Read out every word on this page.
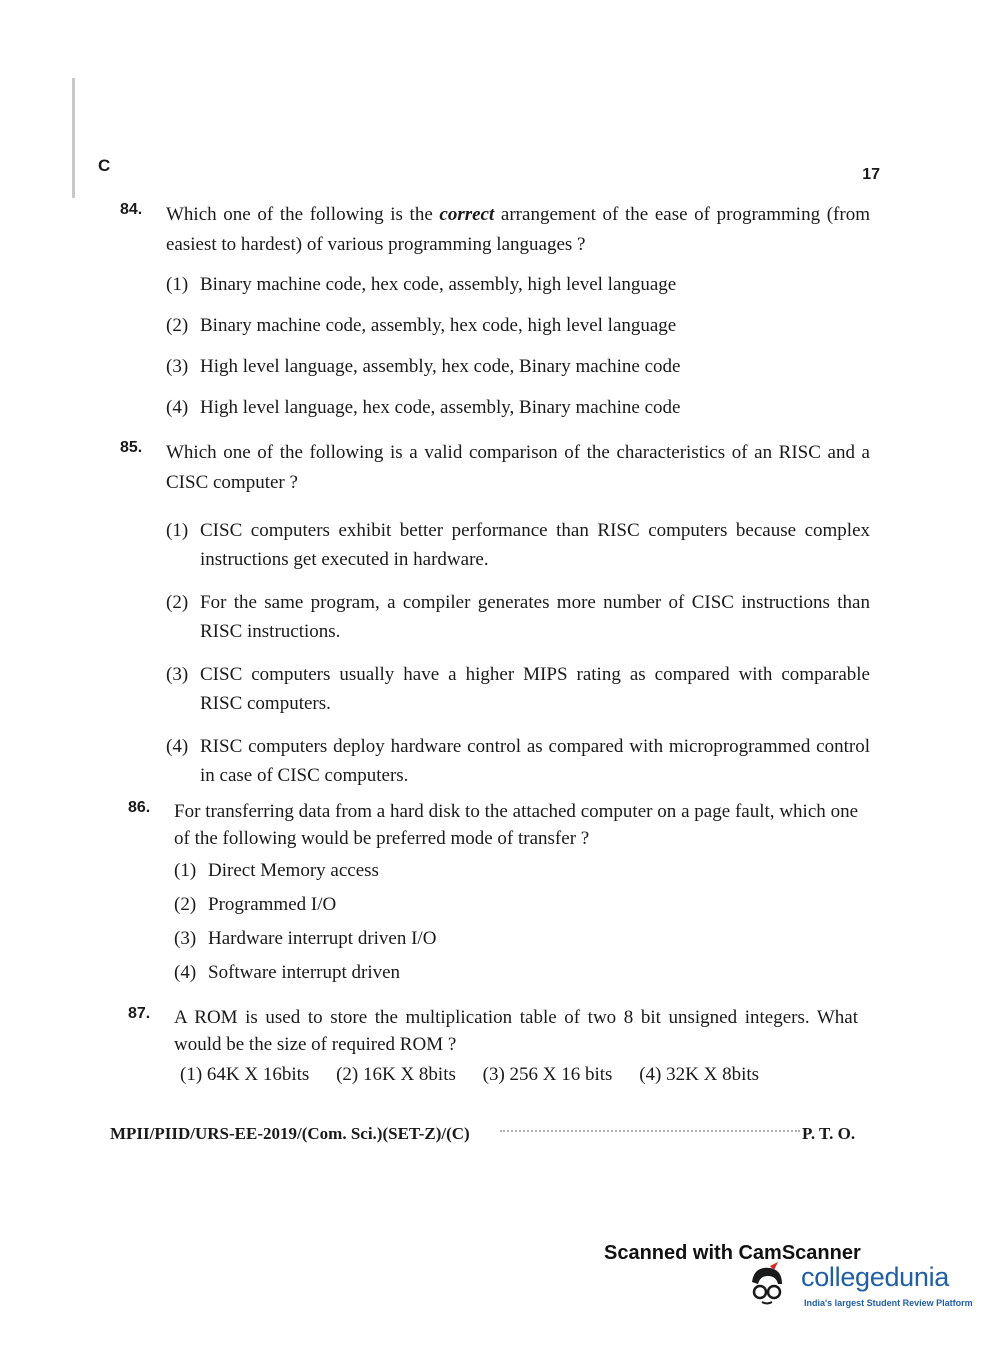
C	17
84. Which one of the following is the correct arrangement of the ease of programming (from easiest to hardest) of various programming languages ?
(1) Binary machine code, hex code, assembly, high level language
(2) Binary machine code, assembly, hex code, high level language
(3) High level language, assembly, hex code, Binary machine code
(4) High level language, hex code, assembly, Binary machine code
85. Which one of the following is a valid comparison of the characteristics of an RISC and a CISC computer ?
(1) CISC computers exhibit better performance than RISC computers because complex instructions get executed in hardware.
(2) For the same program, a compiler generates more number of CISC instructions than RISC instructions.
(3) CISC computers usually have a higher MIPS rating as compared with comparable RISC computers.
(4) RISC computers deploy hardware control as compared with microprogrammed control in case of CISC computers.
86. For transferring data from a hard disk to the attached computer on a page fault, which one of the following would be preferred mode of transfer ?
(1) Direct Memory access
(2) Programmed I/O
(3) Hardware interrupt driven I/O
(4) Software interrupt driven
87. A ROM is used to store the multiplication table of two 8 bit unsigned integers. What would be the size of required ROM ?
(1) 64K X 16bits (2) 16K X 8bits (3) 256 X 16 bits (4) 32K X 8bits
MPII/PIID/URS-EE-2019/(Com. Sci.)(SET-Z)/(C)	P. T. O.
Scanned with CamScanner
collegedunia
India's largest Student Review Platform
